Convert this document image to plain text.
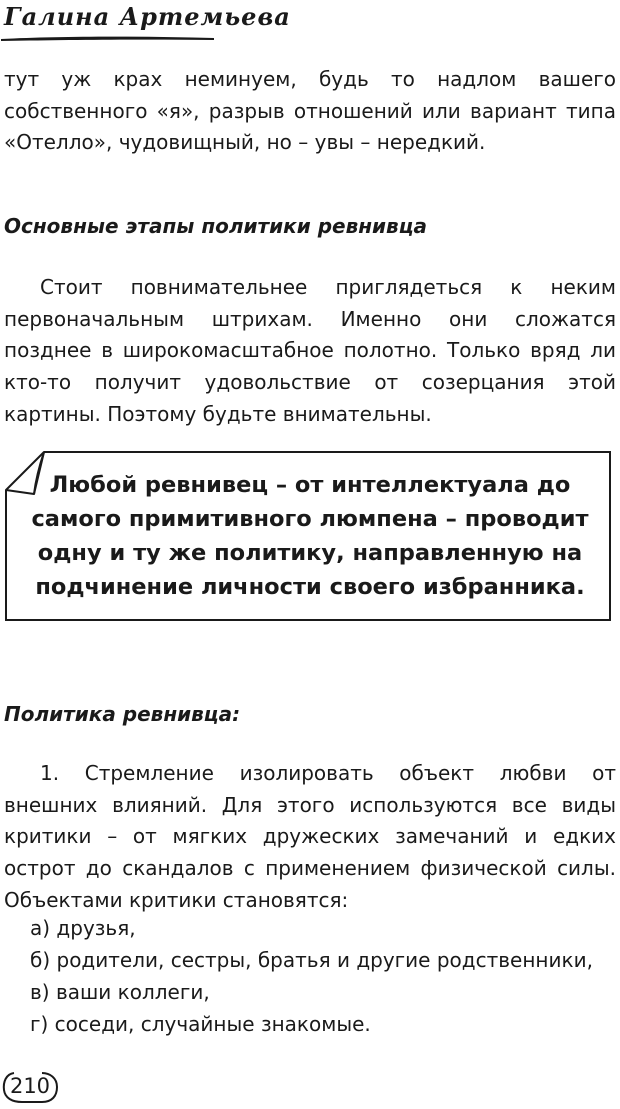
Галина Артемьева

тут уж крах неминуем, будь то надлом вашего собственного «я», разрыв отношений или вариант типа «Отелло», чудовищный, но – увы – нередкий.

Основные этапы политики ревнивца

Стоит повнимательнее приглядеться к неким первоначальным штрихам. Именно они сложатся позднее в широкомасштабное полотно. Только вряд ли кто-то получит удовольствие от созерцания этой картины. Поэтому будьте внимательны.

Любой ревнивец – от интеллектуала до самого примитивного люмпена – проводит одну и ту же политику, направленную на подчинение личности своего избранника.

Политика ревнивца:

1. Стремление изолировать объект любви от внешних влияний. Для этого используются все виды критики – от мягких дружеских замечаний и едких острот до скандалов с применением физической силы. Объектами критики становятся:

а) друзья,
б) родители, сестры, братья и другие родственники,
в) ваши коллеги,
г) соседи, случайные знакомые.
210
